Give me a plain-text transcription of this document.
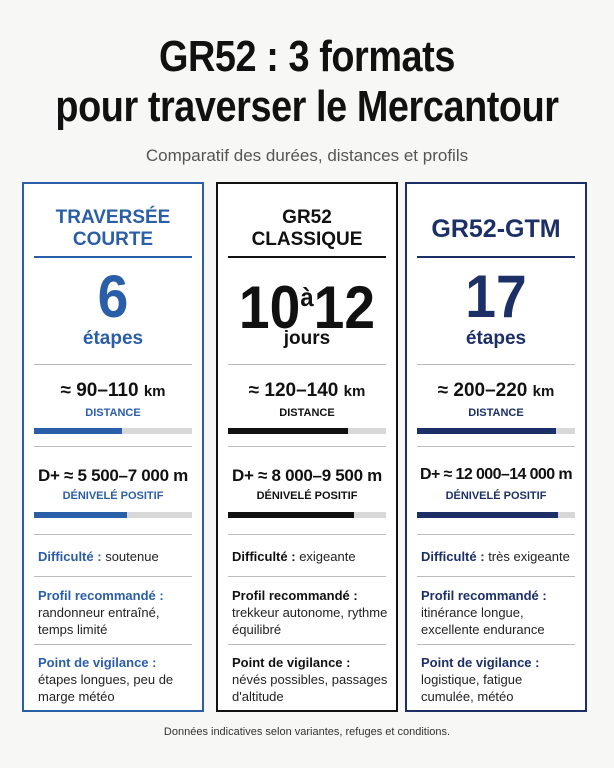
GR52 : 3 formats
pour traverser le Mercantour
Comparatif des durées, distances et profils
TRAVERSÉE COURTE
6
étapes
≈ 90–110 km
DISTANCE
D+ ≈ 5 500–7 000 m
DÉNIVELÉ POSITIF
Difficulté : soutenue
Profil recommandé :
randonneur entraîné, temps limité
Point de vigilance :
étapes longues, peu de marge météo
GR52 CLASSIQUE
$10^à12$
jours
≈ 120–140 km
DISTANCE
D+ ≈ 8 000–9 500 m
DÉNIVELÉ POSITIF
Difficulté : exigeante
Profil recommandé :
trekkeur autonome, rythme équilibré
Point de vigilance :
névés possibles, passages d'altitude
GR52-GTM
17
étapes
≈ 200–220 km
DISTANCE
D+ ≈ 12 000–14 000 m
DÉNIVELÉ POSITIF
Difficulté : très exigeante
Profil recommandé :
itinérance longue, excellente endurance
Point de vigilance :
logistique, fatigue cumulée, météo
Données indicatives selon variantes, refuges et conditions.
